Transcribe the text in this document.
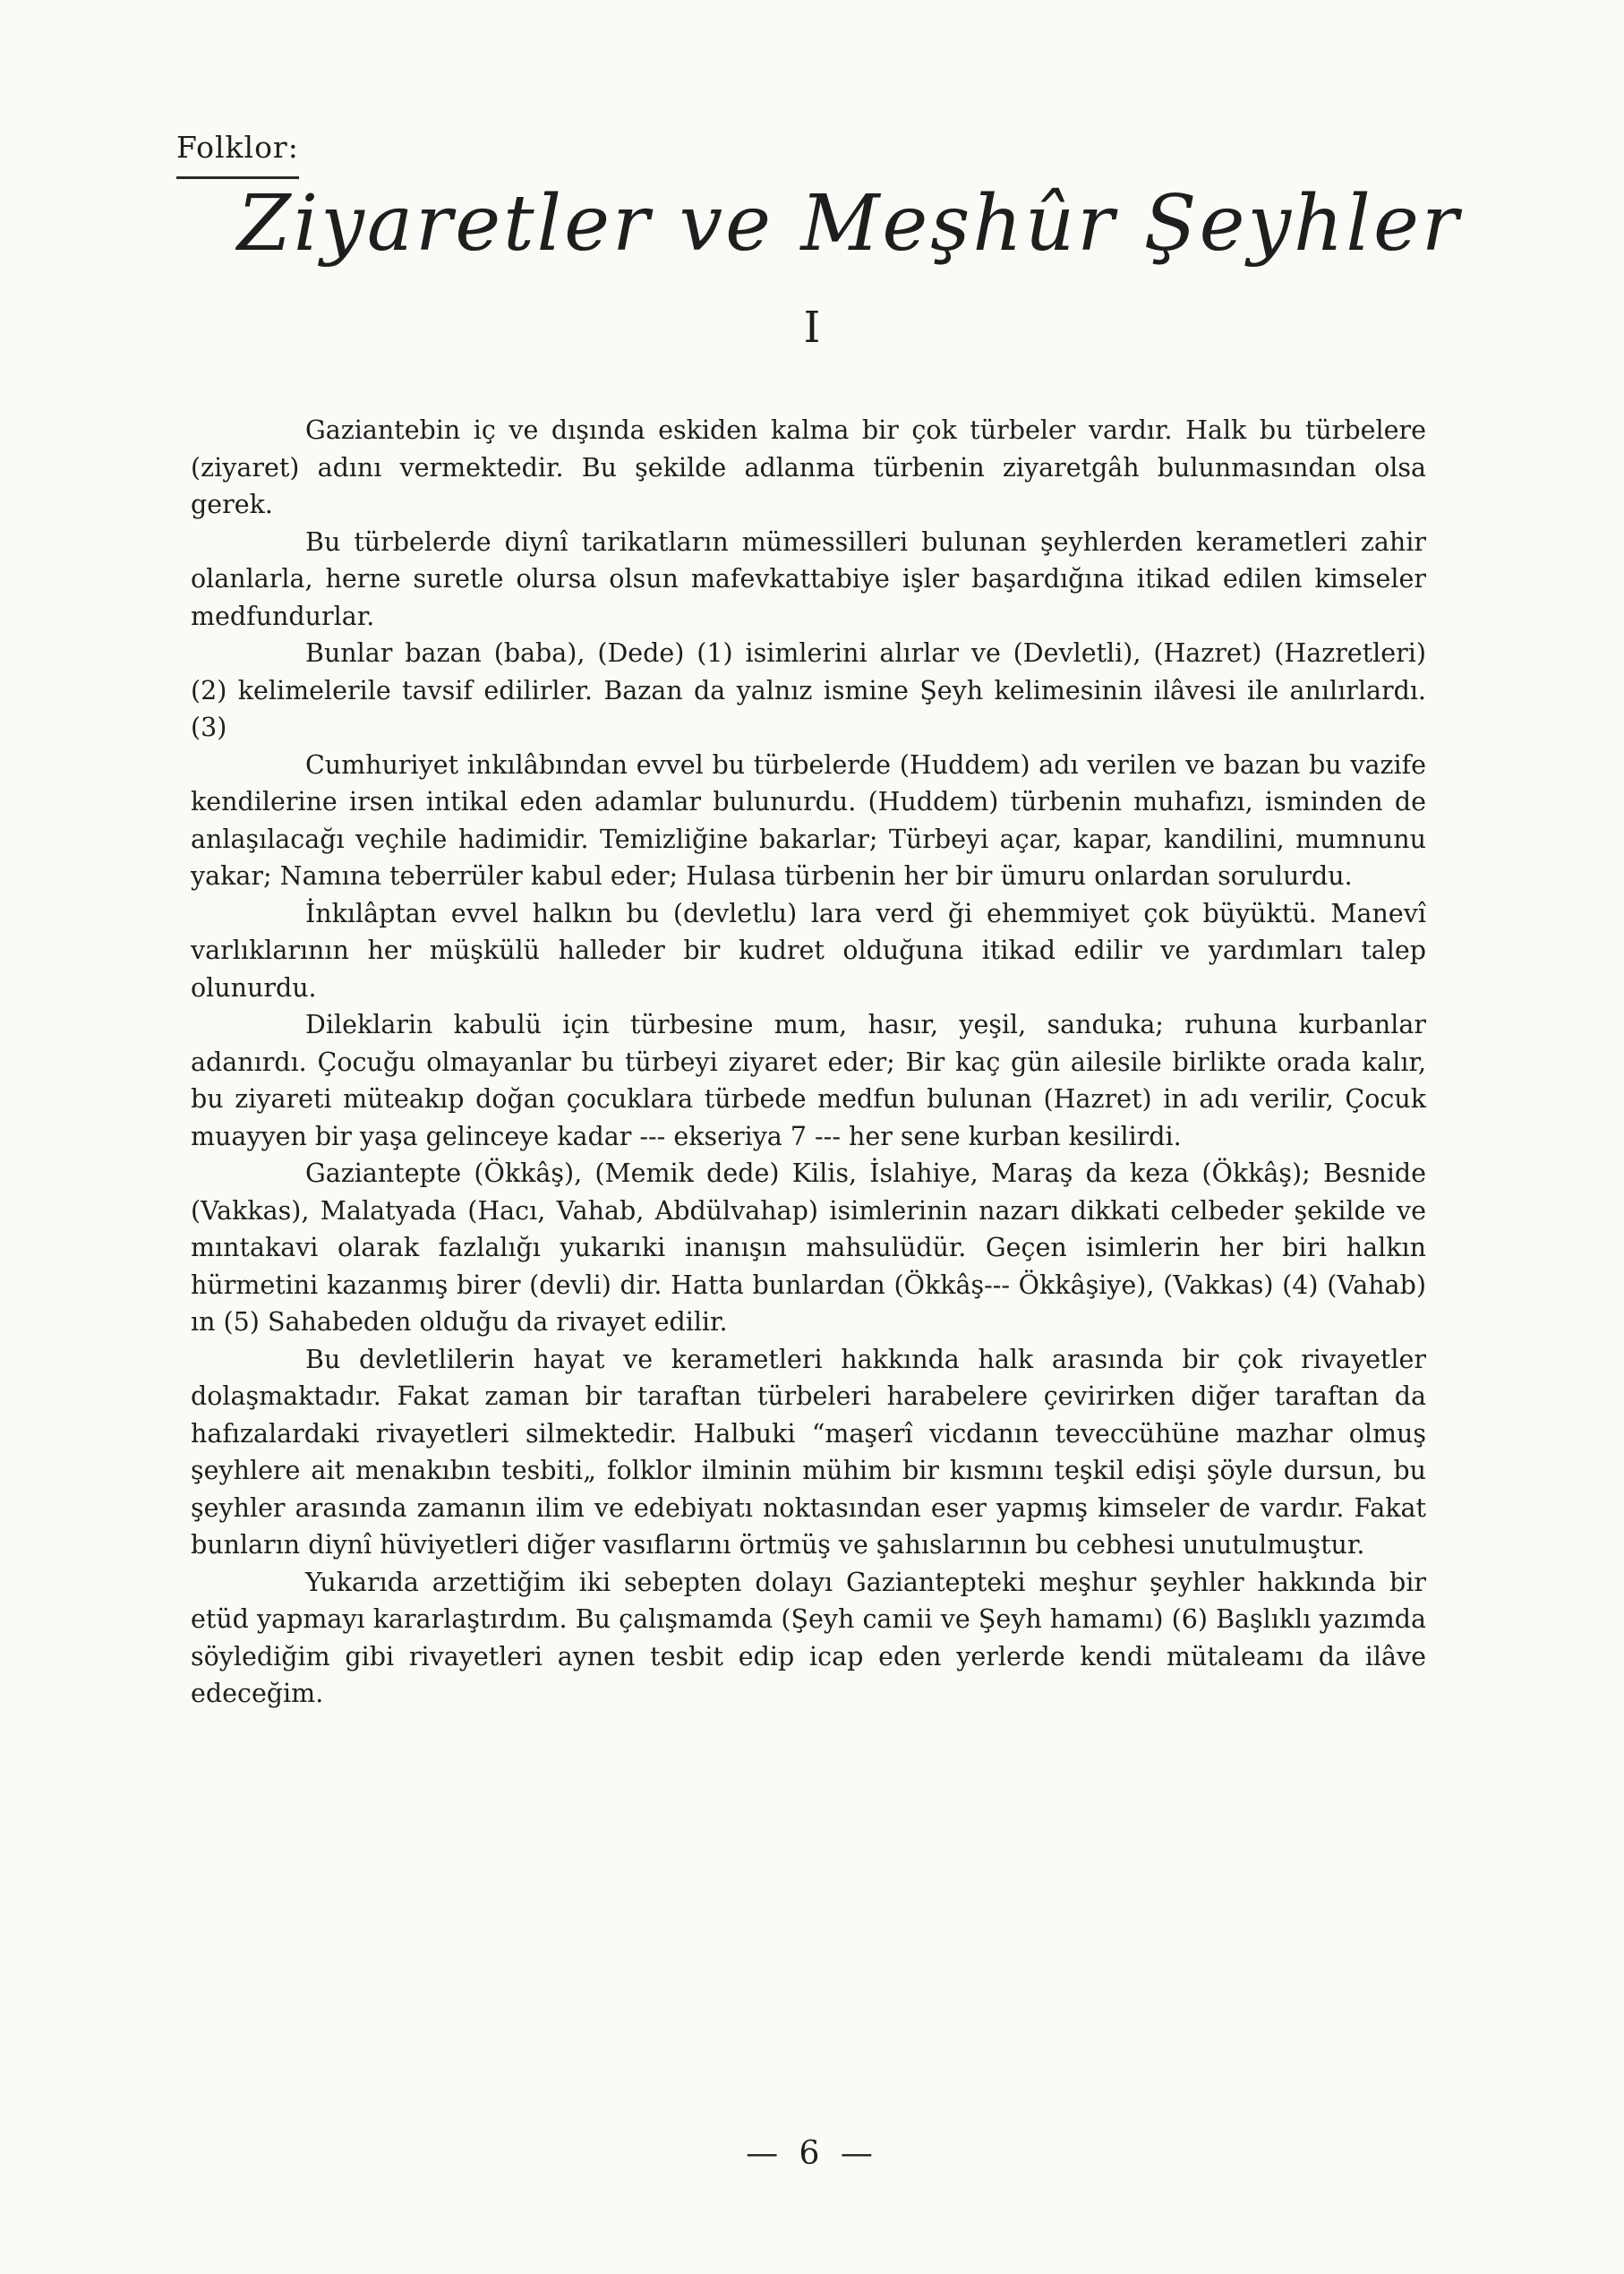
Folklor:
Ziyaretler ve Meşhûr Şeyhler
I

Gaziantebin iç ve dışında eskiden kalma bir çok türbeler vardır. Halk bu türbelere (ziyaret) adını vermektedir. Bu şekilde adlanma türbenin ziyaretgâh bulunmasından olsa gerek.

Bu türbelerde diynî tarikatların mümessilleri bulunan şeyhlerden kerametleri zahir olanlarla, herne suretle olursa olsun mafevkattabiye işler başardığına itikad edilen kimseler medfundurlar.

Bunlar bazan (baba), (Dede) (1) isimlerini alırlar ve (Devletli), (Hazret) (Hazretleri) (2) kelimelerile tavsif edilirler. Bazan da yalnız ismine Şeyh kelimesinin ilâvesi ile anılırlardı. (3)

Cumhuriyet inkılâbından evvel bu türbelerde (Huddem) adı verilen ve bazan bu vazife kendilerine irsen intikal eden adamlar bulunurdu. (Huddem) türbenin muhafızı, isminden de anlaşılacağı veçhile hadimidir. Temizliğine bakarlar; Türbeyi açar, kapar, kandilini, mumnunu yakar; Namına teberrüler kabul eder; Hulasa türbenin her bir ümuru onlardan sorulurdu.

İnkılâptan evvel halkın bu (devletlu) lara verd ği ehemmiyet çok büyüktü. Manevî varlıklarının her müşkülü halleder bir kudret olduğuna itikad edilir ve yardımları talep olunurdu.

Dileklarin kabulü için türbesine mum, hasır, yeşil, sanduka; ruhuna kurbanlar adanırdı. Çocuğu olmayanlar bu türbeyi ziyaret eder; Bir kaç gün ailesile birlikte orada kalır, bu ziyareti müteakıp doğan çocuklara türbede medfun bulunan (Hazret) in adı verilir, Çocuk muayyen bir yaşa gelinceye kadar --- ekseriya 7 --- her sene kurban kesilirdi.

Gaziantepte (Ökkâş), (Memik dede) Kilis, İslahiye, Maraş da keza (Ökkâş); Besnide (Vakkas), Malatyada (Hacı, Vahab, Abdülvahap) isimlerinin nazarı dikkati celbeder şekilde ve mıntakavi olarak fazlalığı yukarıki inanışın mahsulüdür. Geçen isimlerin her biri halkın hürmetini kazanmış birer (devli) dir. Hatta bunlardan (Ökkâş--- Ökkâşiye), (Vakkas) (4) (Vahab) ın (5) Sahabeden olduğu da rivayet edilir.

Bu devletlilerin hayat ve kerametleri hakkında halk arasında bir çok rivayetler dolaşmaktadır. Fakat zaman bir taraftan türbeleri harabelere çevirirken diğer taraftan da hafızalardaki rivayetleri silmektedir. Halbuki “maşerî vicdanın teveccühüne mazhar olmuş şeyhlere ait menakıbın tesbiti„ folklor ilminin mühim bir kısmını teşkil edişi şöyle dursun, bu şeyhler arasında zamanın ilim ve edebiyatı noktasından eser yapmış kimseler de vardır. Fakat bunların diynî hüviyetleri diğer vasıflarını örtmüş ve şahıslarının bu cebhesi unutulmuştur.

Yukarıda arzettiğim iki sebepten dolayı Gaziantepteki meşhur şeyhler hakkında bir etüd yapmayı kararlaştırdım. Bu çalışmamda (Şeyh camii ve Şeyh hamamı) (6) Başlıklı yazımda söylediğim gibi rivayetleri aynen tesbit edip icap eden yerlerde kendi mütaleamı da ilâve edeceğim.

— 6 —
